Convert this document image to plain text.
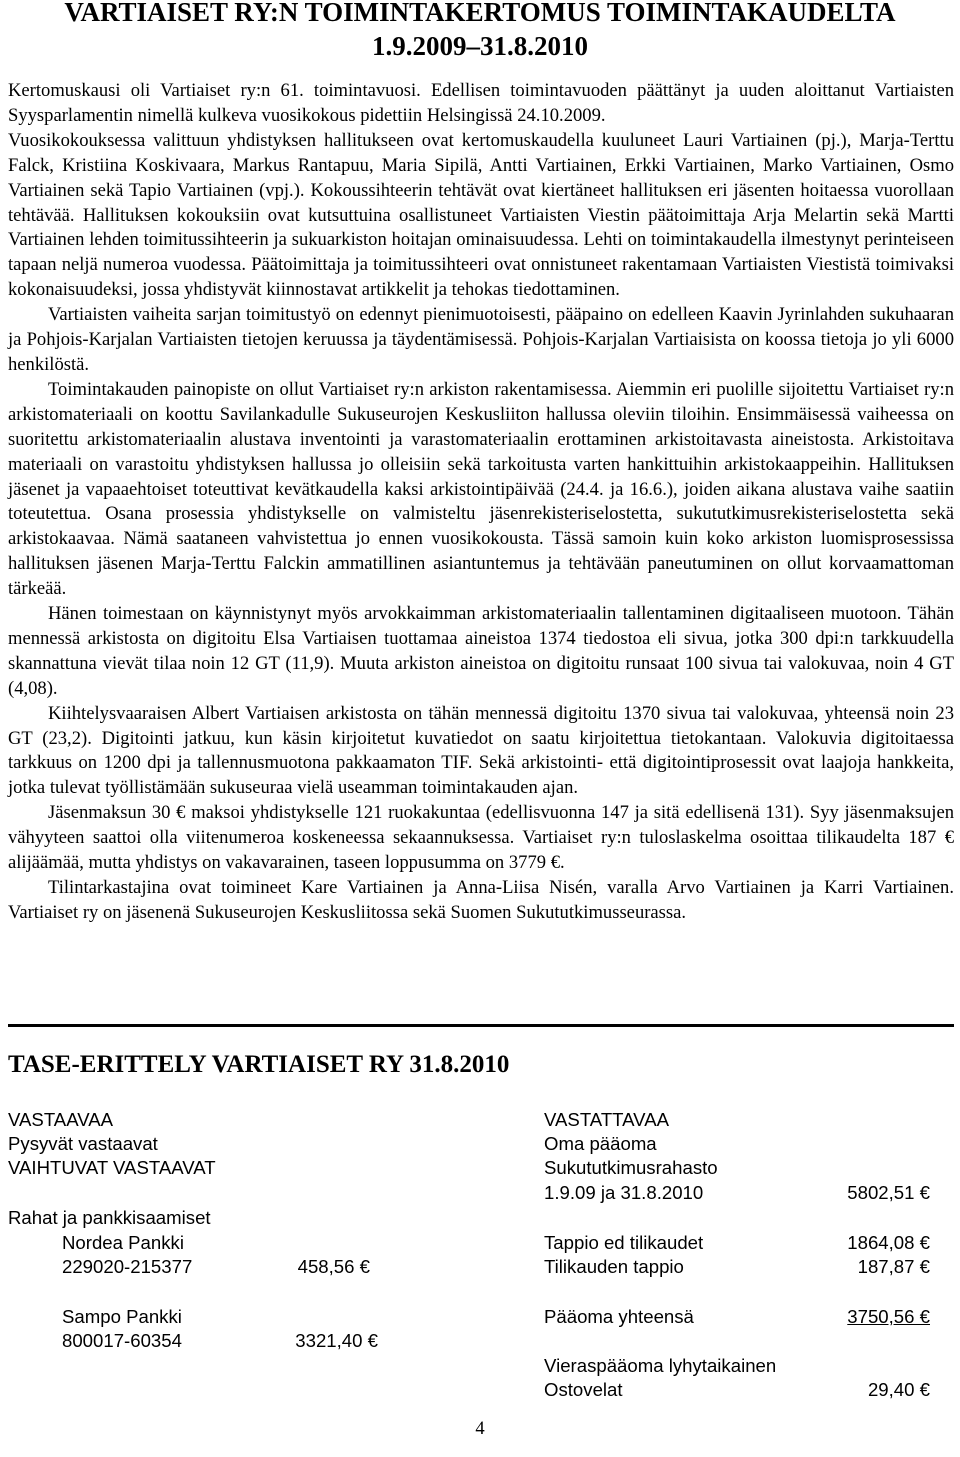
VARTIAISET RY:N TOIMINTAKERTOMUS TOIMINTAKAUDELTA
1.9.2009–31.8.2010

Kertomuskausi oli Vartiaiset ry:n 61. toimintavuosi. Edellisen toimintavuoden päättänyt ja uuden aloittanut Vartiaisten Syysparlamentin nimellä kulkeva vuosikokous pidettiin Helsingissä 24.10.2009.

Vuosikokouksessa valittuun yhdistyksen hallitukseen ovat kertomuskaudella kuuluneet Lauri Vartiainen (pj.), Marja-Terttu Falck, Kristiina Koskivaara, Markus Rantapuu, Maria Sipilä, Antti Vartiainen, Erkki Vartiainen, Marko Vartiainen, Osmo Vartiainen sekä Tapio Vartiainen (vpj.). Kokoussihteerin tehtävät ovat kiertäneet hallituksen eri jäsenten hoitaessa vuorollaan tehtävää. Hallituksen kokouksiin ovat kutsuttuina osallistuneet Vartiaisten Viestin päätoimittaja Arja Melartin sekä Martti Vartiainen lehden toimitussihteerin ja sukuarkiston hoitajan ominaisuudessa. Lehti on toimintakaudella ilmestynyt perinteiseen tapaan neljä numeroa vuodessa. Päätoimittaja ja toimitussihteeri ovat onnistuneet rakentamaan Vartiaisten Viestistä toimivaksi kokonaisuudeksi, jossa yhdistyvät kiinnostavat artikkelit ja tehokas tiedottaminen.

Vartiaisten vaiheita sarjan toimitustyö on edennyt pienimuotoisesti, pääpaino on edelleen Kaavin Jyrinlahden sukuhaaran ja Pohjois-Karjalan Vartiaisten tietojen keruussa ja täydentämisessä. Pohjois-Karjalan Vartiaisista on koossa tietoja jo yli 6000 henkilöstä.

Toimintakauden painopiste on ollut Vartiaiset ry:n arkiston rakentamisessa. Aiemmin eri puolille sijoitettu Vartiaiset ry:n arkistomateriaali on koottu Savilankadulle Sukuseurojen Keskusliiton hallussa oleviin tiloihin. Ensimmäisessä vaiheessa on suoritettu arkistomateriaalin alustava inventointi ja varastomateriaalin erottaminen arkistoitavasta aineistosta. Arkistoitava materiaali on varastoitu yhdistyksen hallussa jo olleisiin sekä tarkoitusta varten hankittuihin arkistokaappeihin. Hallituksen jäsenet ja vapaaehtoiset toteuttivat kevätkaudella kaksi arkistointipäivää (24.4. ja 16.6.), joiden aikana alustava vaihe saatiin toteutettua. Osana prosessia yhdistykselle on valmisteltu jäsenrekisteriselostetta, sukututkimusrekisteriselostetta sekä arkistokaavaa. Nämä saataneen vahvistettua jo ennen vuosikokousta. Tässä samoin kuin koko arkiston luomisprosessissa hallituksen jäsenen Marja-Terttu Falckin ammatillinen asiantuntemus ja tehtävään paneutuminen on ollut korvaamattoman tärkeää.

Hänen toimestaan on käynnistynyt myös arvokkaimman arkistomateriaalin tallentaminen digitaaliseen muotoon. Tähän mennessä arkistosta on digitoitu Elsa Vartiaisen tuottamaa aineistoa 1374 tiedostoa eli sivua, jotka 300 dpi:n tarkkuudella skannattuna vievät tilaa noin 12 GT (11,9). Muuta arkiston aineistoa on digitoitu runsaat 100 sivua tai valokuvaa, noin 4 GT (4,08).

Kiihtelysvaaraisen Albert Vartiaisen arkistosta on tähän mennessä digitoitu 1370 sivua tai valokuvaa, yhteensä noin 23 GT (23,2). Digitointi jatkuu, kun käsin kirjoitetut kuvatiedot on saatu kirjoitettua tietokantaan. Valokuvia digitoitaessa tarkkuus on 1200 dpi ja tallennusmuotona pakkaamaton TIF. Sekä arkistointi- että digitointiprosessit ovat laajoja hankkeita, jotka tulevat työllistämään sukuseuraa vielä useamman toimintakauden ajan.

Jäsenmaksun 30 € maksoi yhdistykselle 121 ruokakuntaa (edellisvuonna 147 ja sitä edellisenä 131). Syy jäsenmaksujen vähyyteen saattoi olla viitenumeroa koskeneessa sekaannuksessa. Vartiaiset ry:n tuloslaskelma osoittaa tilikaudelta 187 € alijäämää, mutta yhdistys on vakavarainen, taseen loppusumma on 3779 €.

Tilintarkastajina ovat toimineet Kare Vartiainen ja Anna-Liisa Nisén, varalla Arvo Vartiainen ja Karri Vartiainen. Vartiaiset ry on jäsenenä Sukuseurojen Keskusliitossa sekä Suomen Sukututkimusseurassa.

TASE-ERITTELY VARTIAISET RY 31.8.2010
VASTAAVAA
Pysyvät vastaavat
VAIHTUVAT VASTAAVAT
Rahat ja pankkisaamiset
Nordea Pankki
229020-215377	458,56 €
Sampo Pankki
800017-60354	3321,40 €
VASTATTAVAA
Oma pääoma
Sukututkimusrahasto
1.9.09 ja 31.8.2010	5802,51 €
Tappio ed tilikaudet	1864,08 €
Tilikauden tappio	187,87 €
Pääoma yhteensä	3750,56 €
Vieraspääoma lyhytaikainen
Ostovelat	29,40 €
4
